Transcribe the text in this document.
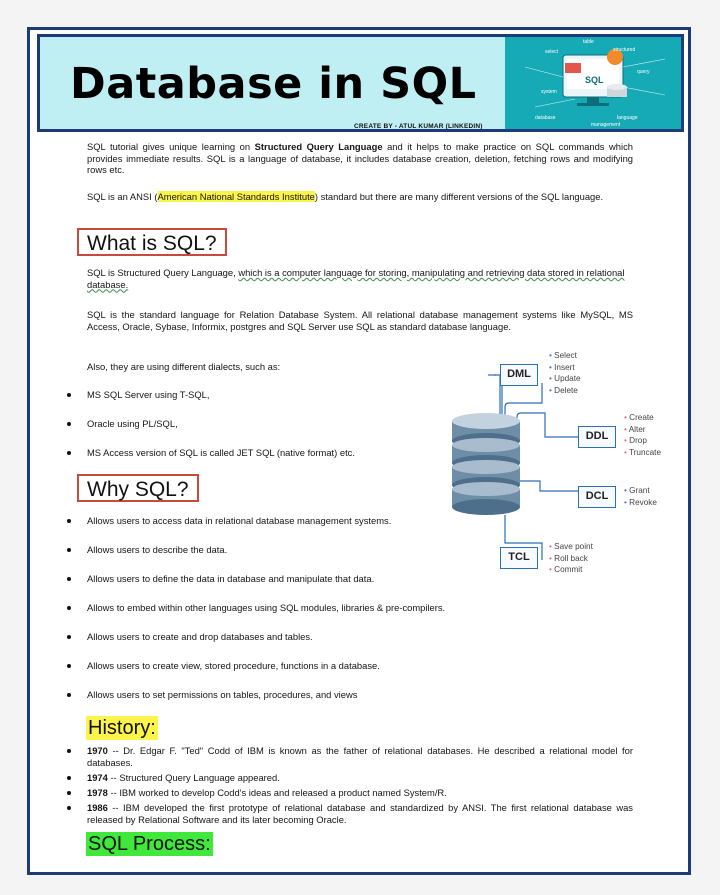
Database in SQL
CREATE BY - ATUL KUMAR (LINKEDIN)
table
select	structured
query
SQL
system
database	language
management
SQL tutorial gives unique learning on Structured Query Language and it helps to make practice on SQL commands which provides immediate results. SQL is a language of database, it includes database creation, deletion, fetching rows and modifying rows etc.
SQL is an ANSI (American National Standards Institute) standard but there are many different versions of the SQL language.
What is SQL?
SQL is Structured Query Language, which is a computer language for storing, manipulating and retrieving data stored in relational database.
SQL is the standard language for Relation Database System. All relational database management systems like MySQL, MS Access, Oracle, Sybase, Informix, postgres and SQL Server use SQL as standard database language.
Also, they are using different dialects, such as:
MS SQL Server using T-SQL,
Oracle using PL/SQL,
MS Access version of SQL is called JET SQL (native format) etc.
Why SQL?
Allows users to access data in relational database management systems.
Allows users to describe the data.
Allows users to define the data in database and manipulate that data.
Allows to embed within other languages using SQL modules, libraries & pre-compilers.
Allows users to create and drop databases and tables.
Allows users to create view, stored procedure, functions in a database.
Allows users to set permissions on tables, procedures, and views
History:
1970 -- Dr. Edgar F. "Ted" Codd of IBM is known as the father of relational databases. He described a relational model for databases.
1974 -- Structured Query Language appeared.
1978 -- IBM worked to develop Codd's ideas and released a product named System/R.
1986 -- IBM developed the first prototype of relational database and standardized by ANSI. The first relational database was released by Relational Software and its later becoming Oracle.
SQL Process:
DML
• Select
• Insert
• Update
• Delete
DDL
• Create
• Alter
• Drop
• Truncate
DCL
•	Grant
• Revoke
TCL
• Save point
• Roll back
• Commit
